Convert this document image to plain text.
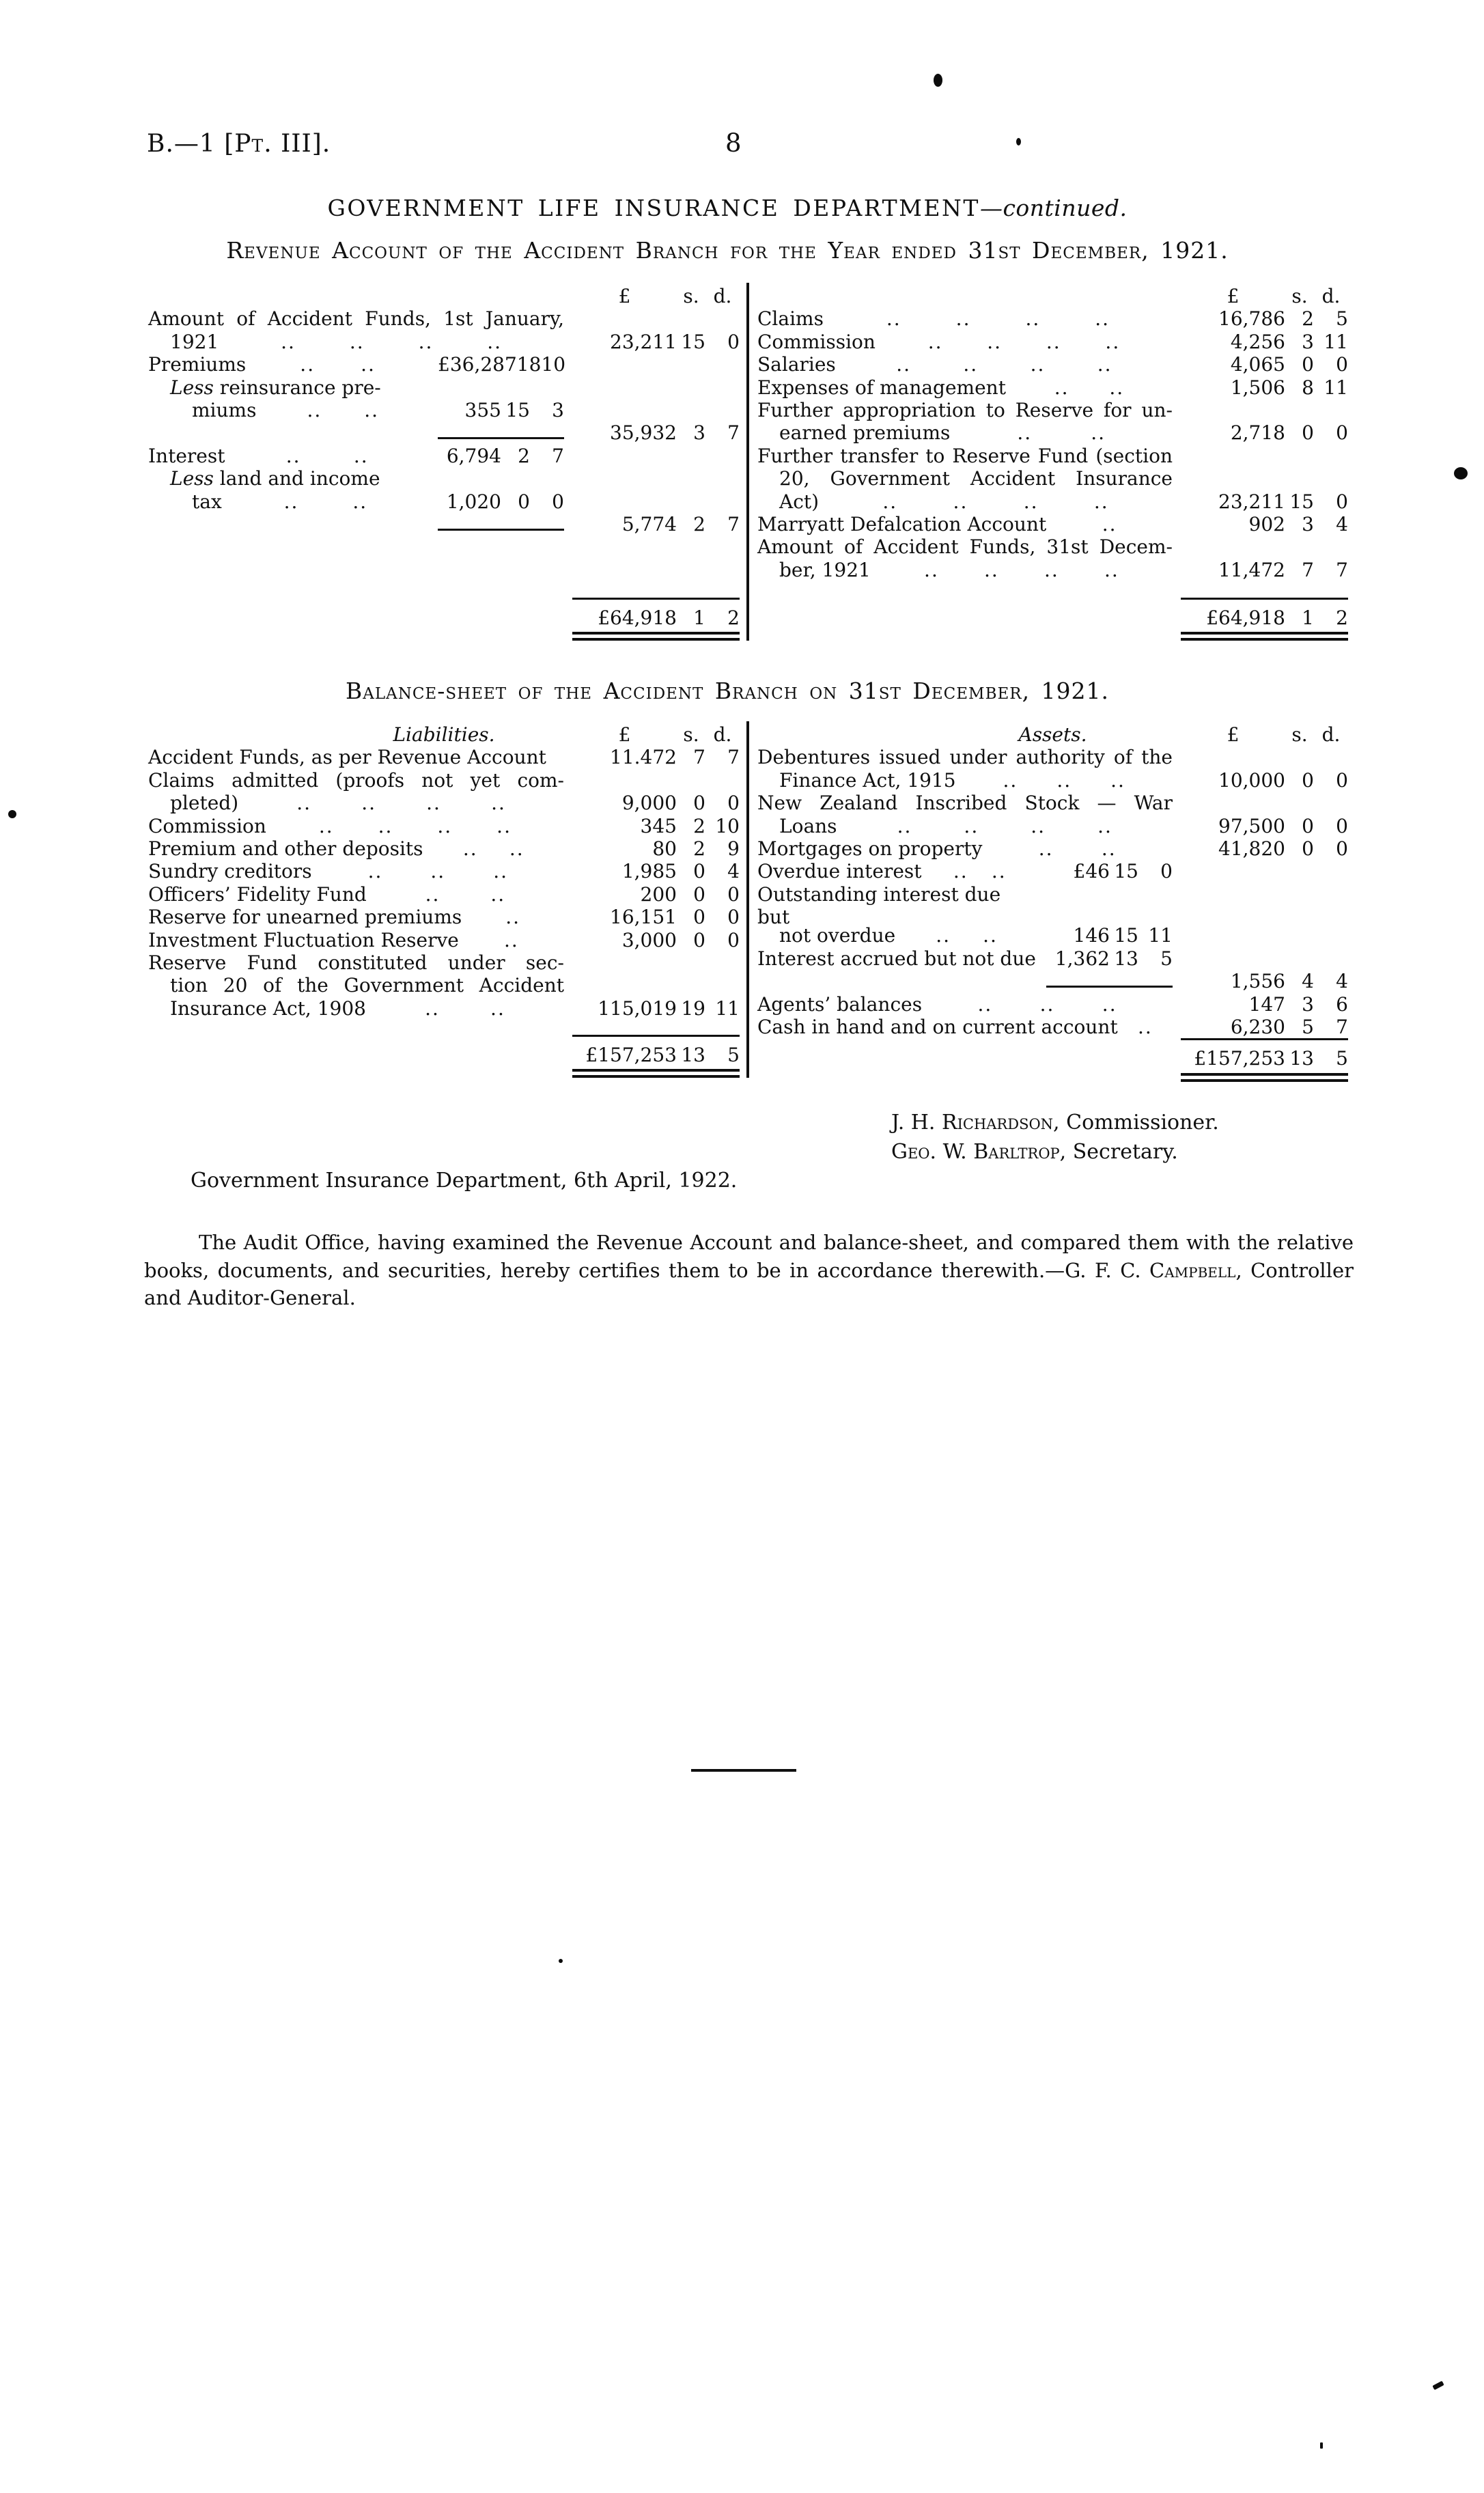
B.—1 [Pt. III].	8
GOVERNMENT LIFE INSURANCE DEPARTMENT—continued.
Revenue Account of the Accident Branch for the Year ended 31st December, 1921.
£	s. d.
Amount of Accident Funds, 1st January,
1921	..	..	..	..	23,211 15	0
Premiums	.. ..	£36,287 18 10
Less reinsurance pre-
miums	.. ..	355 15	3
35,932 3	7
Interest	..	..	6,794 2	7
Less land and income
tax	..	..	1,020 0	0
5,774 2	7
£64,918 1	2
£	s. d.
Claims	..	..	..	..	16,786 2	5
Commission	.. .. .. ..	4,256 3 11
Salaries	..	..	..	..	4,065 0	0
Expenses of management	.. ..	1,506 8 11
Further appropriation to Reserve for un-
earned premiums	..	..	2,718 0	0
Further transfer to Reserve Fund (section
20, Government Accident Insurance
Act)	..	..	..	..	23,211 15	0
Marryatt Defalcation Account	..	902 3	4
Amount of Accident Funds, 31st Decem-
ber, 1921	.. .. .. ..	11,472 7	7
£64,918 1	2
Balance-sheet of the Accident Branch on 31st December, 1921.
Liabilities.	£	s. d.
Accident Funds, as per Revenue Account	11.472 7	7
Claims admitted (proofs not yet com-
pleted)	..	..	..	..	9,000 0	0
Commission	.. .. .. ..	345 2 10
Premium and other deposits .. ..	80 2	9
Sundry creditors	.. .. ..	1,985 0	4
Officers’ Fidelity Fund	..	..	200 0	0
Reserve for unearned premiums ..	16,151 0	0
Investment Fluctuation Reserve ..	3,000 0	0
Reserve Fund constituted under sec-
tion 20 of the Government Accident
Insurance Act, 1908	..	..	115,019 19 11
£157,253 13	5
Assets.	£	s. d.
Debentures issued under authority of the
Finance Act, 1915 .. .. ..	10,000 0	0
New Zealand Inscribed Stock — War
Loans	..	..	..	..	97,500 0	0
Mortgages on property	..	..	41,820 0	0
Overdue interest .. ..	£46 15	0
Outstanding interest due but
not overdue .. ..	146 15 11
Interest accrued but not due 1,362 13	5
1,556 4	4
Agents’ balances	.. .. ..	147 3	6
Cash in hand and on current account ..	6,230 5	7
£157,253 13	5
J. H. Richardson, Commissioner.
Geo. W. Barltrop, Secretary.
Government Insurance Department, 6th April, 1922.
The Audit Office, having examined the Revenue Account and balance-sheet, and compared them with the relative books, documents, and securities, hereby certifies them to be in accordance therewith.—G. F. C. Campbell, Controller and Auditor-General.
